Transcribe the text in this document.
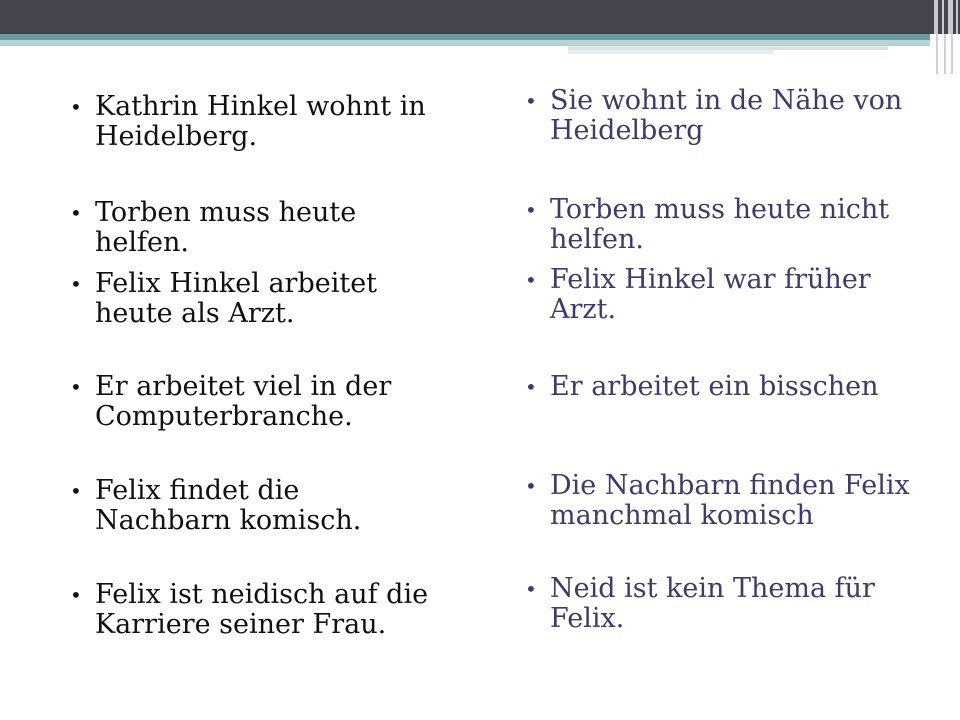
• Kathrin Hinkel wohnt in Heidelberg.
• Torben muss heute helfen.
• Felix Hinkel arbeitet heute als Arzt.
• Er arbeitet viel in der Computerbranche.
• Felix findet die Nachbarn komisch.
• Felix ist neidisch auf die Karriere seiner Frau.
• Sie wohnt in de Nähe von Heidelberg
• Torben muss heute nicht helfen.
• Felix Hinkel war früher Arzt.
• Er arbeitet ein bisschen
• Die Nachbarn finden Felix manchmal komisch
• Neid ist kein Thema für Felix.
